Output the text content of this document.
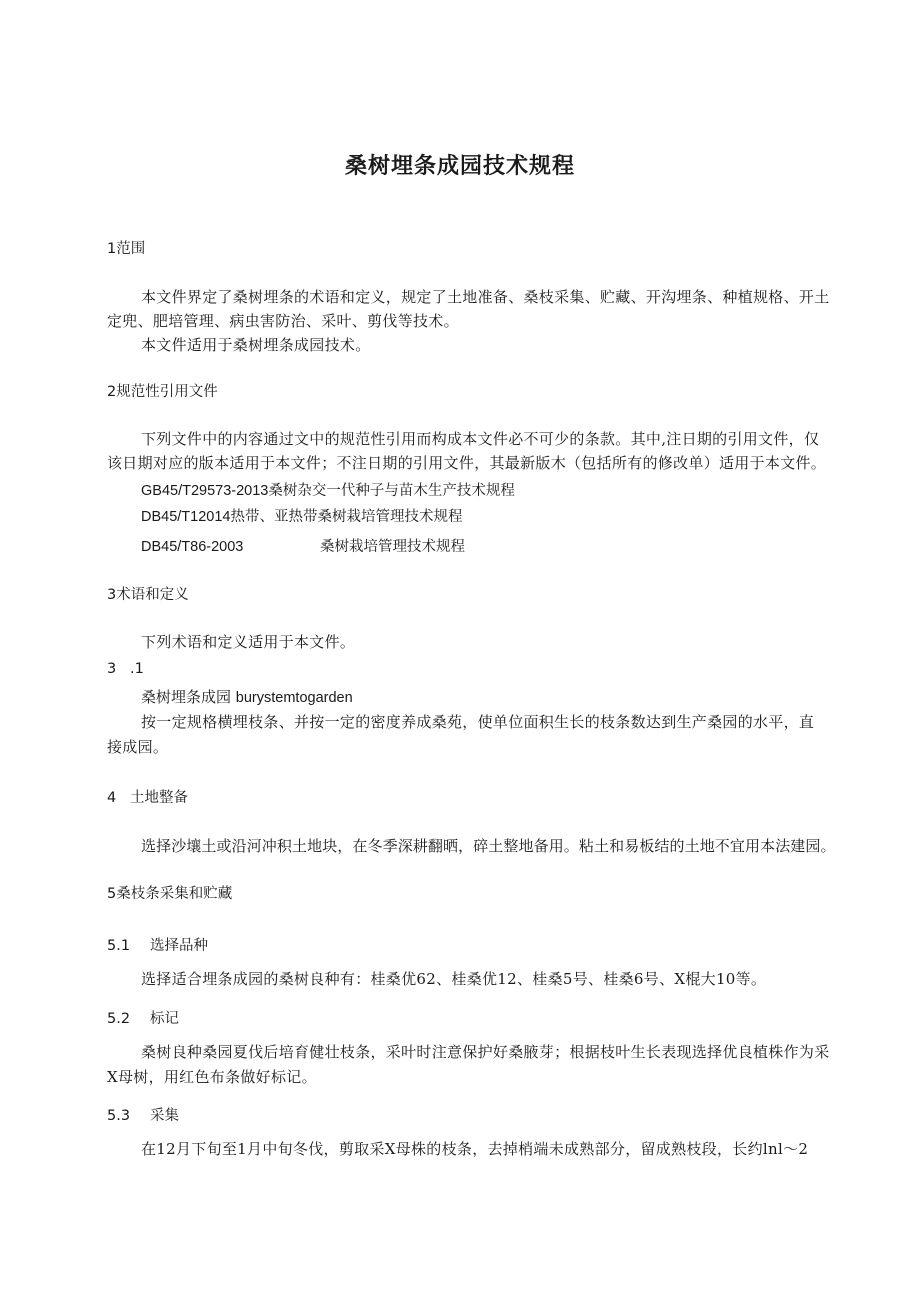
桑树埋条成园技术规程
1范围
本文件界定了桑树埋条的术语和定义，规定了土地准备、桑枝采集、贮藏、开沟埋条、种植规格、开土
定兜、肥培管理、病虫害防治、采叶、剪伐等技术。
本文件适用于桑树埋条成园技术。
2规范性引用文件
下列文件中的内容通过文中的规范性引用而构成本文件必不可少的条款。其中,注日期的引用文件，仅
该日期对应的版本适用于本文件；不注日期的引用文件，其最新版木（包括所有的修改单）适用于本文件。
GB45/T29573-2013桑树杂交一代种子与苗木生产技术规程
DB45/T12014热带、亚热带桑树栽培管理技术规程
DB45/T86-2003	桑树栽培管理技术规程
3术语和定义
下列术语和定义适用于本文件。
3   .1
桑树埋条成园 burystemtogarden
按一定规格横埋枝条、并按一定的密度养成桑苑，使单位面积生长的枝条数达到生产桑园的水平，直
接成园。
4   土地整备
选择沙壤土或沿河冲积土地块，在冬季深耕翻晒，碎土整地备用。粘土和易板结的土地不宜用本法建园。
5桑枝条采集和贮藏
5.1 选择品种
选择适合埋条成园的桑树良种有：桂桑优62、桂桑优12、桂桑5号、桂桑6号、X棍大10等。
5.2 标记
桑树良种桑园夏伐后培育健壮枝条，采叶时注意保护好桑腋芽；根据枝叶生长表现选择优良植株作为采
X母树，用红色布条做好标记。
5.3 采集
在12月下旬至1月中旬冬伐，剪取采X母株的枝条，去掉梢端未成熟部分，留成熟枝段，长约lnl～2
